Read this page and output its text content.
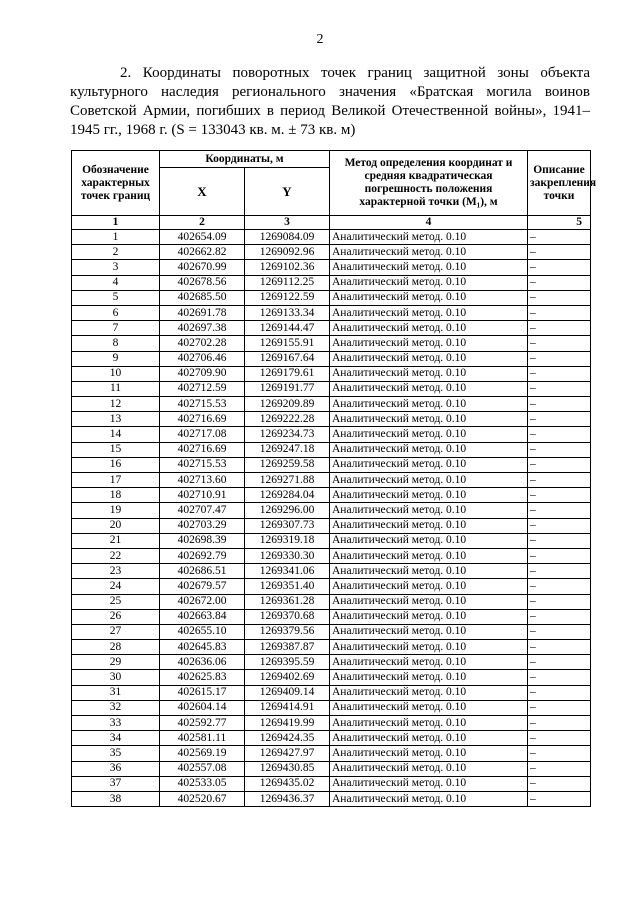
2
2. Координаты поворотных точек границ защитной зоны объекта культурного наследия регионального значения «Братская могила воинов Советской Армии, погибших в период Великой Отечественной войны», 1941–1945 гг., 1968 г. (S = 133043 кв. м. ± 73 кв. м)
Обозначение характерных точек границ	Координаты, м		Метод определения координат и средняя квадратическая погрешность положения характерной точки (M₁), м	Описание закрепления точки
	X	Y		
1	2	3	4	5
1	402654.09	1269084.09	Аналитический метод. 0.10	–
2	402662.82	1269092.96	Аналитический метод. 0.10	–
3	402670.99	1269102.36	Аналитический метод. 0.10	–
4	402678.56	1269112.25	Аналитический метод. 0.10	–
5	402685.50	1269122.59	Аналитический метод. 0.10	–
6	402691.78	1269133.34	Аналитический метод. 0.10	–
7	402697.38	1269144.47	Аналитический метод. 0.10	–
8	402702.28	1269155.91	Аналитический метод. 0.10	–
9	402706.46	1269167.64	Аналитический метод. 0.10	–
10	402709.90	1269179.61	Аналитический метод. 0.10	–
11	402712.59	1269191.77	Аналитический метод. 0.10	–
12	402715.53	1269209.89	Аналитический метод. 0.10	–
13	402716.69	1269222.28	Аналитический метод. 0.10	–
14	402717.08	1269234.73	Аналитический метод. 0.10	–
15	402716.69	1269247.18	Аналитический метод. 0.10	–
16	402715.53	1269259.58	Аналитический метод. 0.10	–
17	402713.60	1269271.88	Аналитический метод. 0.10	–
18	402710.91	1269284.04	Аналитический метод. 0.10	–
19	402707.47	1269296.00	Аналитический метод. 0.10	–
20	402703.29	1269307.73	Аналитический метод. 0.10	–
21	402698.39	1269319.18	Аналитический метод. 0.10	–
22	402692.79	1269330.30	Аналитический метод. 0.10	–
23	402686.51	1269341.06	Аналитический метод. 0.10	–
24	402679.57	1269351.40	Аналитический метод. 0.10	–
25	402672.00	1269361.28	Аналитический метод. 0.10	–
26	402663.84	1269370.68	Аналитический метод. 0.10	–
27	402655.10	1269379.56	Аналитический метод. 0.10	–
28	402645.83	1269387.87	Аналитический метод. 0.10	–
29	402636.06	1269395.59	Аналитический метод. 0.10	–
30	402625.83	1269402.69	Аналитический метод. 0.10	–
31	402615.17	1269409.14	Аналитический метод. 0.10	–
32	402604.14	1269414.91	Аналитический метод. 0.10	–
33	402592.77	1269419.99	Аналитический метод. 0.10	–
34	402581.11	1269424.35	Аналитический метод. 0.10	–
35	402569.19	1269427.97	Аналитический метод. 0.10	–
36	402557.08	1269430.85	Аналитический метод. 0.10	–
37	402533.05	1269435.02	Аналитический метод. 0.10	–
38	402520.67	1269436.37	Аналитический метод. 0.10	–
